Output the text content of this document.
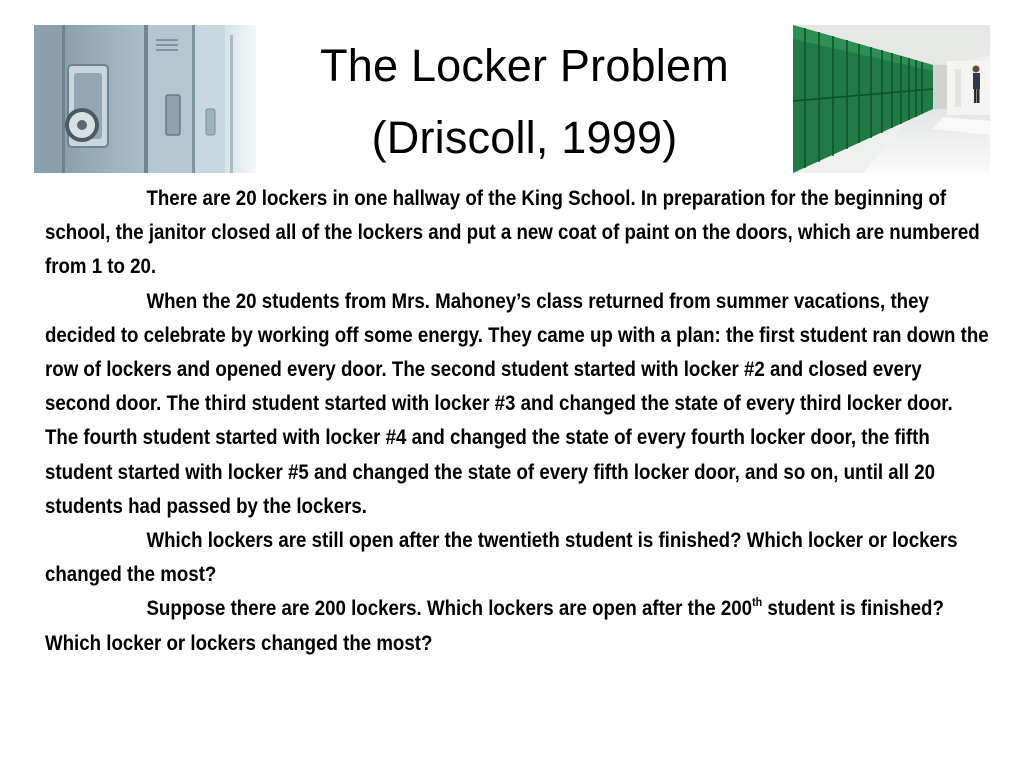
The Locker Problem
(Driscoll, 1999)

There are 20 lockers in one hallway of the King School. In preparation for the beginning of school, the janitor closed all of the lockers and put a new coat of paint on the doors, which are numbered from 1 to 20.

When the 20 students from Mrs. Mahoney’s class returned from summer vacations, they decided to celebrate by working off some energy. They came up with a plan: the first student ran down the row of lockers and opened every door. The second student started with locker #2 and closed every second door. The third student started with locker #3 and changed the state of every third locker door. The fourth student started with locker #4 and changed the state of every fourth locker door, the fifth student started with locker #5 and changed the state of every fifth locker door, and so on, until all 20 students had passed by the lockers.

Which lockers are still open after the twentieth student is finished? Which locker or lockers changed the most?

Suppose there are 200 lockers. Which lockers are open after the 200th student is finished? Which locker or lockers changed the most?
